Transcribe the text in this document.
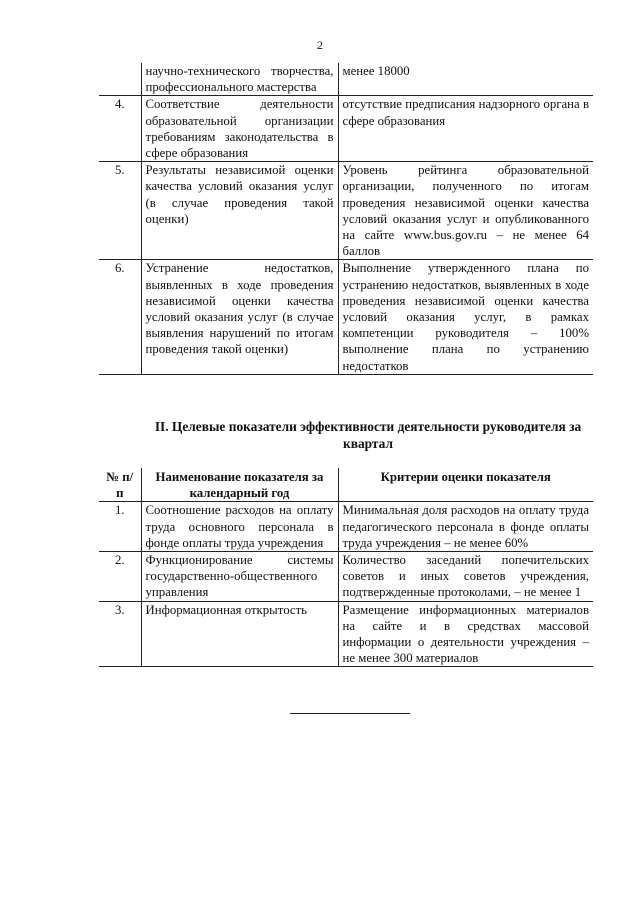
2
	научно-технического творчества, профессионального мастерства	менее 18000
4.	Соответствие деятельности образовательной организации требованиям законодательства в сфере образования	отсутствие предписания надзорного органа в сфере образования
5.	Результаты независимой оценки качества условий оказания услуг (в случае проведения такой оценки)	Уровень рейтинга образовательной организации, полученного по итогам проведения независимой оценки качества условий оказания услуг и опубликованного на сайте www.bus.gov.ru – не менее 64 баллов
6.	Устранение недостатков, выявленных в ходе проведения независимой оценки качества условий оказания услуг (в случае выявления нарушений по итогам проведения такой оценки)	Выполнение утвержденного плана по устранению недостатков, выявленных в ходе проведения независимой оценки качества условий оказания услуг, в рамках компетенции руководителя – 100% выполнение плана по устранению недостатков
II. Целевые показатели эффективности деятельности руководителя за квартал
№ п/п	Наименование показателя за календарный год	Критерии оценки показателя
1.	Соотношение расходов на оплату труда основного персонала в фонде оплаты труда учреждения	Минимальная доля расходов на оплату труда педагогического персонала в фонде оплаты труда учреждения – не менее 60%
2.	Функционирование системы государственно-общественного управления	Количество заседаний попечительских советов и иных советов учреждения, подтвержденные протоколами, – не менее 1
3.	Информационная открытость	Размещение информационных материалов на сайте и в средствах массовой информации о деятельности учреждения – не менее 300 материалов
